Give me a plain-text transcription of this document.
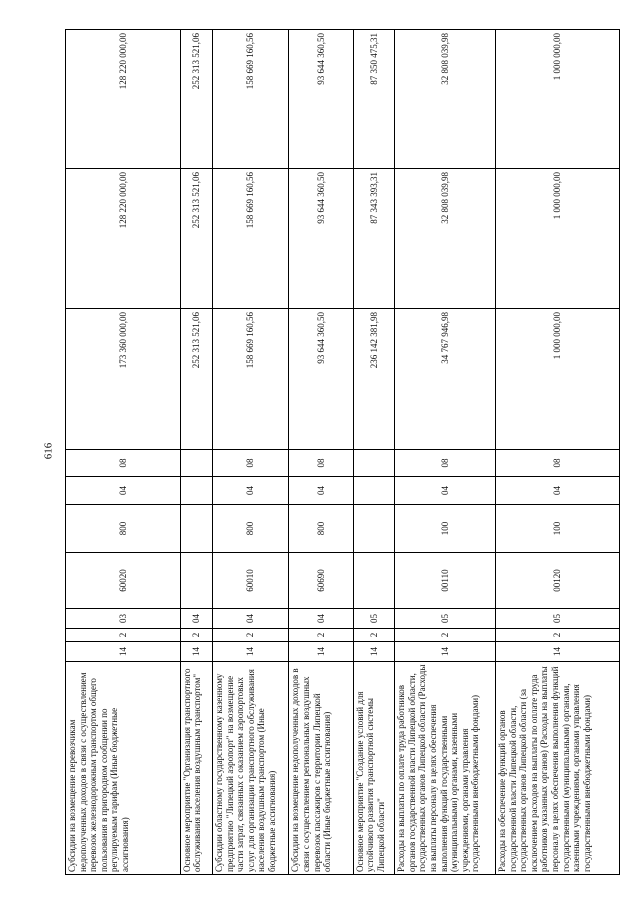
616
Субсидии на возмещение перевозчикам недополученных доходов в связи с осуществлением перевозок железнодорожным транспортом общего пользования в пригородном сообщении по регулируемым тарифам (Иные бюджетные ассигнования)	14	2	03	60020	800	04	08	173 360 000,00	128 220 000,00	128 220 000,00
Основное мероприятие "Организация транспортного обслуживания населения воздушным транспортом"	14	2	04					252 313 521,06	252 313 521,06	252 313 521,06
Субсидии областному государственному казенному предприятию "Липецкий аэропорт" на возмещение части затрат, связанных с оказанием аэропортовых услуг для организации транспортного обслуживания населения воздушным транспортом (Иные бюджетные ассигнования)	14	2	04	60010	800	04	08	158 669 160,56	158 669 160,56	158 669 160,56
Субсидии на возмещение недополученных доходов в связи с осуществлением региональных воздушных перевозок пассажиров с территории Липецкой области (Иные бюджетные ассигнования)	14	2	04	60690	800	04	08	93 644 360,50	93 644 360,50	93 644 360,50
Основное мероприятие "Создание условий для устойчивого развития транспортной системы Липецкой области"	14	2	05					236 142 381,98	87 343 393,31	87 350 475,31
Расходы на выплаты по оплате труда работников органов государственной власти Липецкой области, государственных органов Липецкой области (Расходы на выплаты персоналу в целях обеспечения выполнения функций государственными (муниципальными) органами, казенными учреждениями, органами управления государственными внебюджетными фондами)	14	2	05	00110	100	04	08	34 767 946,98	32 808 039,98	32 808 039,98
Расходы на обеспечение функций органов государственной власти Липецкой области, государственных органов Липецкой области (за исключением расходов на выплаты по оплате труда работников указанных органов) (Расходы на выплаты персоналу в целях обеспечения выполнения функций государственными (муниципальными) органами, казенными учреждениями, органами управления государственными внебюджетными фондами)	14	2	05	00120	100	04	08	1 000 000,00	1 000 000,00	1 000 000,00
